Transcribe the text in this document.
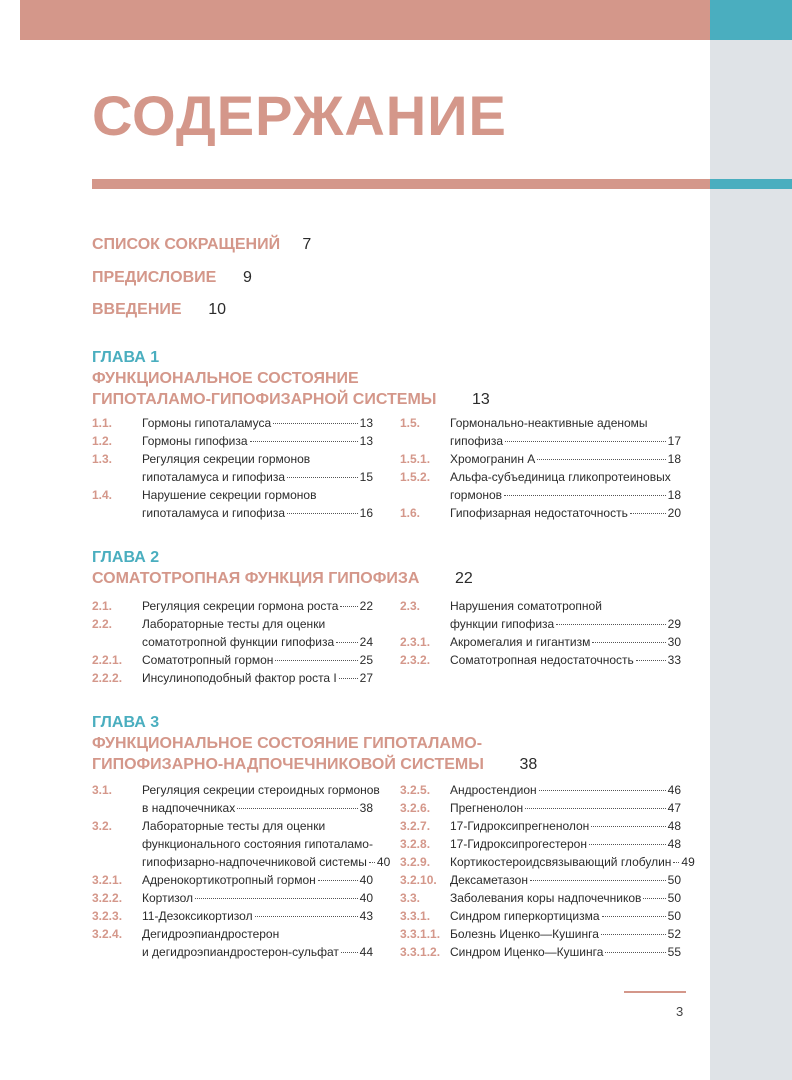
СОДЕРЖАНИЕ
СПИСОК СОКРАЩЕНИЙ 7
ПРЕДИСЛОВИЕ 9
ВВЕДЕНИЕ 10
ГЛАВА 1
ФУНКЦИОНАЛЬНОЕ СОСТОЯНИЕ
ГИПОТАЛАМО-ГИПОФИЗАРНОЙ СИСТЕМЫ 13
1.1. Гормоны гипоталамуса	13
1.2. Гормоны гипофиза	13
1.3. Регуляция секреции гормонов
гипоталамуса и гипофиза	15
1.4. Нарушение секреции гормонов
гипоталамуса и гипофиза	16
1.5. Гормонально-неактивные аденомы
гипофиза	17
1.5.1. Хромогранин А	18
1.5.2. Альфа-субъединица гликопротеиновых
гормонов	18
1.6. Гипофизарная недостаточность	20
ГЛАВА 2
СОМАТОТРОПНАЯ ФУНКЦИЯ ГИПОФИЗА 22
2.1. Регуляция секреции гормона роста 22
2.2. Лабораторные тесты для оценки
соматотропной функции гипофиза 24
2.2.1. Соматотропный гормон	25
2.2.2. Инсулиноподобный фактор роста I 27
2.3. Нарушения соматотропной
функции гипофиза	29
2.3.1. Акромегалия и гигантизм	30
2.3.2. Соматотропная недостаточность	33
ГЛАВА 3
ФУНКЦИОНАЛЬНОЕ СОСТОЯНИЕ ГИПОТАЛАМО-
ГИПОФИЗАРНО-НАДПОЧЕЧНИКОВОЙ СИСТЕМЫ 38
3.1. Регуляция секреции стероидных гормонов
в надпочечниках	38
3.2. Лабораторные тесты для оценки
функционального состояния гипоталамо-
гипофизарно-надпочечниковой системы 40
3.2.1. Адренокортикотропный гормон	40
3.2.2. Кортизол	40
3.2.3. 11-Дезоксикортизол	43
3.2.4. Дегидроэпиандростерон
и дегидроэпиандростерон-сульфат 44
3.2.5. Андростендион	46
3.2.6. Прегненолон	47
3.2.7. 17-Гидроксипрегненолон	48
3.2.8. 17-Гидроксипрогестерон	48
3.2.9. Кортикостероидсвязывающий глобулин 49
3.2.10. Дексаметазон	50
3.3. Заболевания коры надпочечников 50
3.3.1. Синдром гиперкортицизма	50
3.3.1.1. Болезнь Иценко—Кушинга	52
3.3.1.2. Синдром Иценко—Кушинга	55
3
